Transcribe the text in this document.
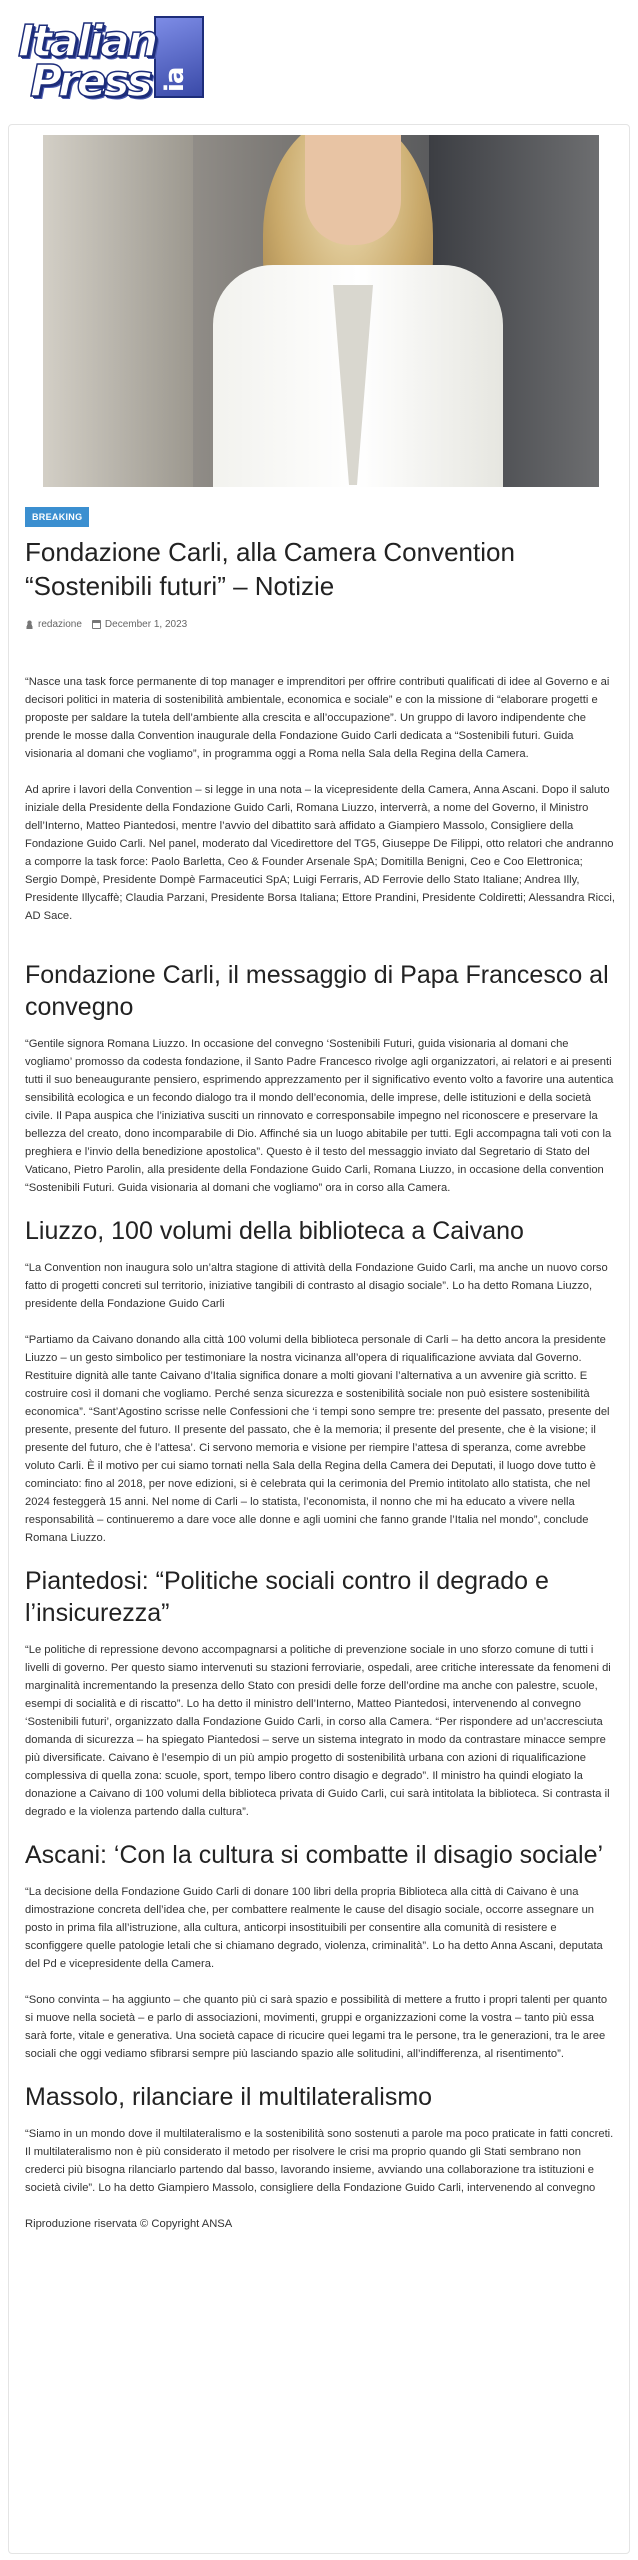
Italian
Press ia
BREAKING
Fondazione Carli, alla Camera Convention “Sostenibili futuri” – Notizie
redazione December 1, 2023

“Nasce una task force permanente di top manager e imprenditori per offrire contributi qualificati di idee al Governo e ai decisori politici in materia di sostenibilità ambientale, economica e sociale” e con la missione di “elaborare progetti e proposte per saldare la tutela dell’ambiente alla crescita e all’occupazione”. Un gruppo di lavoro indipendente che prende le mosse dalla Convention inaugurale della Fondazione Guido Carli dedicata a “Sostenibili futuri. Guida visionaria al domani che vogliamo”, in programma oggi a Roma nella Sala della Regina della Camera.

Ad aprire i lavori della Convention – si legge in una nota – la vicepresidente della Camera, Anna Ascani. Dopo il saluto iniziale della Presidente della Fondazione Guido Carli, Romana Liuzzo, interverrà, a nome del Governo, il Ministro dell’Interno, Matteo Piantedosi, mentre l’avvio del dibattito sarà affidato a Giampiero Massolo, Consigliere della Fondazione Guido Carli. Nel panel, moderato dal Vicedirettore del TG5, Giuseppe De Filippi, otto relatori che andranno a comporre la task force: Paolo Barletta, Ceo & Founder Arsenale SpA; Domitilla Benigni, Ceo e Coo Elettronica; Sergio Dompè, Presidente Dompè Farmaceutici SpA; Luigi Ferraris, AD Ferrovie dello Stato Italiane; Andrea Illy, Presidente Illycaffè; Claudia Parzani, Presidente Borsa Italiana; Ettore Prandini, Presidente Coldiretti; Alessandra Ricci, AD Sace.

Fondazione Carli, il messaggio di Papa Francesco al convegno

“Gentile signora Romana Liuzzo. In occasione del convegno ‘Sostenibili Futuri, guida visionaria al domani che vogliamo’ promosso da codesta fondazione, il Santo Padre Francesco rivolge agli organizzatori, ai relatori e ai presenti tutti il suo beneaugurante pensiero, esprimendo apprezzamento per il significativo evento volto a favorire una autentica sensibilità ecologica e un fecondo dialogo tra il mondo dell’economia, delle imprese, delle istituzioni e della società civile. Il Papa auspica che l’iniziativa susciti un rinnovato e corresponsabile impegno nel riconoscere e preservare la bellezza del creato, dono incomparabile di Dio. Affinché sia un luogo abitabile per tutti. Egli accompagna tali voti con la preghiera e l’invio della benedizione apostolica”. Questo è il testo del messaggio inviato dal Segretario di Stato del Vaticano, Pietro Parolin, alla presidente della Fondazione Guido Carli, Romana Liuzzo, in occasione della convention “Sostenibili Futuri. Guida visionaria al domani che vogliamo” ora in corso alla Camera.

Liuzzo, 100 volumi della biblioteca a Caivano

“La Convention non inaugura solo un’altra stagione di attività della Fondazione Guido Carli, ma anche un nuovo corso fatto di progetti concreti sul territorio, iniziative tangibili di contrasto al disagio sociale”. Lo ha detto Romana Liuzzo, presidente della Fondazione Guido Carli

“Partiamo da Caivano donando alla città 100 volumi della biblioteca personale di Carli – ha detto ancora la presidente Liuzzo – un gesto simbolico per testimoniare la nostra vicinanza all’opera di riqualificazione avviata dal Governo. Restituire dignità alle tante Caivano d’Italia significa donare a molti giovani l’alternativa a un avvenire già scritto. E costruire così il domani che vogliamo. Perché senza sicurezza e sostenibilità sociale non può esistere sostenibilità economica”. “Sant’Agostino scrisse nelle Confessioni che ‘i tempi sono sempre tre: presente del passato, presente del presente, presente del futuro. Il presente del passato, che è la memoria; il presente del presente, che è la visione; il presente del futuro, che è l’attesa’. Ci servono memoria e visione per riempire l’attesa di speranza, come avrebbe voluto Carli. È il motivo per cui siamo tornati nella Sala della Regina della Camera dei Deputati, il luogo dove tutto è cominciato: fino al 2018, per nove edizioni, si è celebrata qui la cerimonia del Premio intitolato allo statista, che nel 2024 festeggerà 15 anni. Nel nome di Carli – lo statista, l’economista, il nonno che mi ha educato a vivere nella responsabilità – continueremo a dare voce alle donne e agli uomini che fanno grande l’Italia nel mondo”, conclude Romana Liuzzo.

Piantedosi: “Politiche sociali contro il degrado e l’insicurezza”

“Le politiche di repressione devono accompagnarsi a politiche di prevenzione sociale in uno sforzo comune di tutti i livelli di governo. Per questo siamo intervenuti su stazioni ferroviarie, ospedali, aree critiche interessate da fenomeni di marginalità incrementando la presenza dello Stato con presidi delle forze dell’ordine ma anche con palestre, scuole, esempi di socialità e di riscatto”. Lo ha detto il ministro dell’Interno, Matteo Piantedosi, intervenendo al convegno ‘Sostenibili futuri’, organizzato dalla Fondazione Guido Carli, in corso alla Camera. “Per rispondere ad un’accresciuta domanda di sicurezza – ha spiegato Piantedosi – serve un sistema integrato in modo da contrastare minacce sempre più diversificate. Caivano è l’esempio di un più ampio progetto di sostenibilità urbana con azioni di riqualificazione complessiva di quella zona: scuole, sport, tempo libero contro disagio e degrado”. Il ministro ha quindi elogiato la donazione a Caivano di 100 volumi della biblioteca privata di Guido Carli, cui sarà intitolata la biblioteca. Si contrasta il degrado e la violenza partendo dalla cultura”.

Ascani: ‘Con la cultura si combatte il disagio sociale’

“La decisione della Fondazione Guido Carli di donare 100 libri della propria Biblioteca alla città di Caivano è una dimostrazione concreta dell’idea che, per combattere realmente le cause del disagio sociale, occorre assegnare un posto in prima fila all’istruzione, alla cultura, anticorpi insostituibili per consentire alla comunità di resistere e sconfiggere quelle patologie letali che si chiamano degrado, violenza, criminalità”. Lo ha detto Anna Ascani, deputata del Pd e vicepresidente della Camera.

“Sono convinta – ha aggiunto – che quanto più ci sarà spazio e possibilità di mettere a frutto i propri talenti per quanto si muove nella società – e parlo di associazioni, movimenti, gruppi e organizzazioni come la vostra – tanto più essa sarà forte, vitale e generativa. Una società capace di ricucire quei legami tra le persone, tra le generazioni, tra le aree sociali che oggi vediamo sfibrarsi sempre più lasciando spazio alle solitudini, all’indifferenza, al risentimento”.

Massolo, rilanciare il multilateralismo

“Siamo in un mondo dove il multilateralismo e la sostenibilità sono sostenuti a parole ma poco praticate in fatti concreti. Il multilateralismo non è più considerato il metodo per risolvere le crisi ma proprio quando gli Stati sembrano non crederci più bisogna rilanciarlo partendo dal basso, lavorando insieme, avviando una collaborazione tra istituzioni e società civile”. Lo ha detto Giampiero Massolo, consigliere della Fondazione Guido Carli, intervenendo al convegno

Riproduzione riservata © Copyright ANSA
